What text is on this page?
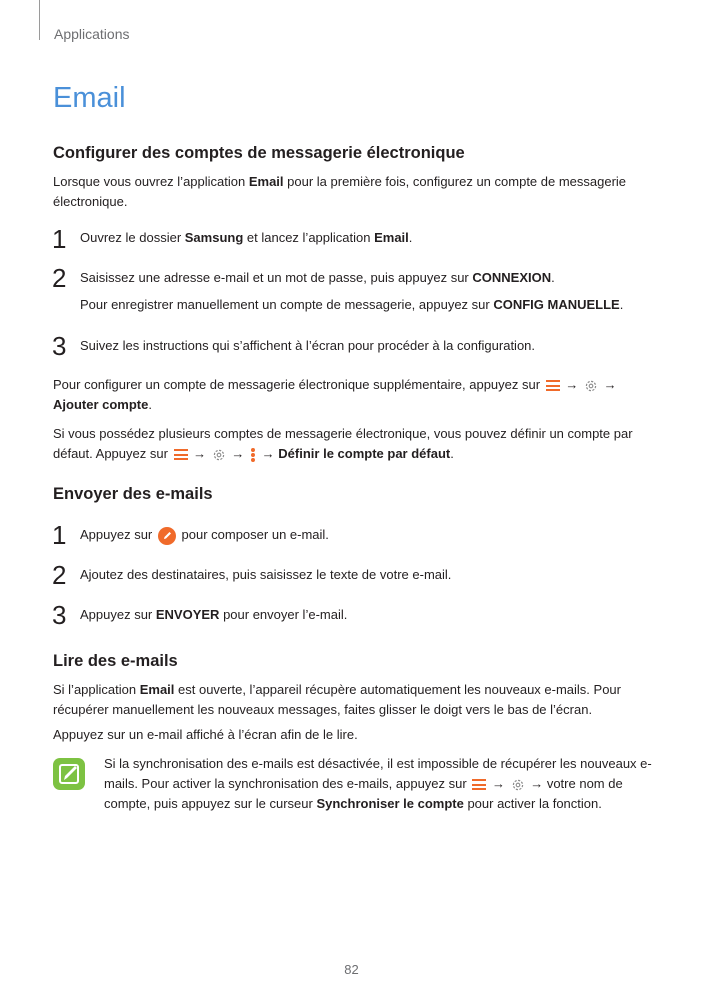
Applications
Email
Configurer des comptes de messagerie électronique
Lorsque vous ouvrez l’application Email pour la première fois, configurez un compte de messagerie électronique.
1 Ouvrez le dossier Samsung et lancez l’application Email.
2 Saisissez une adresse e-mail et un mot de passe, puis appuyez sur CONNEXION.
Pour enregistrer manuellement un compte de messagerie, appuyez sur CONFIG MANUELLE.
3 Suivez les instructions qui s’affichent à l’écran pour procéder à la configuration.
Pour configurer un compte de messagerie électronique supplémentaire, appuyez sur → →
Ajouter compte.
Si vous possédez plusieurs comptes de messagerie électronique, vous pouvez définir un compte par défaut. Appuyez sur → → → Définir le compte par défaut.
Envoyer des e-mails
1 Appuyez sur pour composer un e-mail.
2 Ajoutez des destinataires, puis saisissez le texte de votre e-mail.
3 Appuyez sur ENVOYER pour envoyer l’e-mail.
Lire des e-mails
Si l’application Email est ouverte, l’appareil récupère automatiquement les nouveaux e-mails. Pour récupérer manuellement les nouveaux messages, faites glisser le doigt vers le bas de l’écran.
Appuyez sur un e-mail affiché à l’écran afin de le lire.
Si la synchronisation des e-mails est désactivée, il est impossible de récupérer les nouveaux e-mails. Pour activer la synchronisation des e-mails, appuyez sur → → votre nom de compte, puis appuyez sur le curseur Synchroniser le compte pour activer la fonction.
82
